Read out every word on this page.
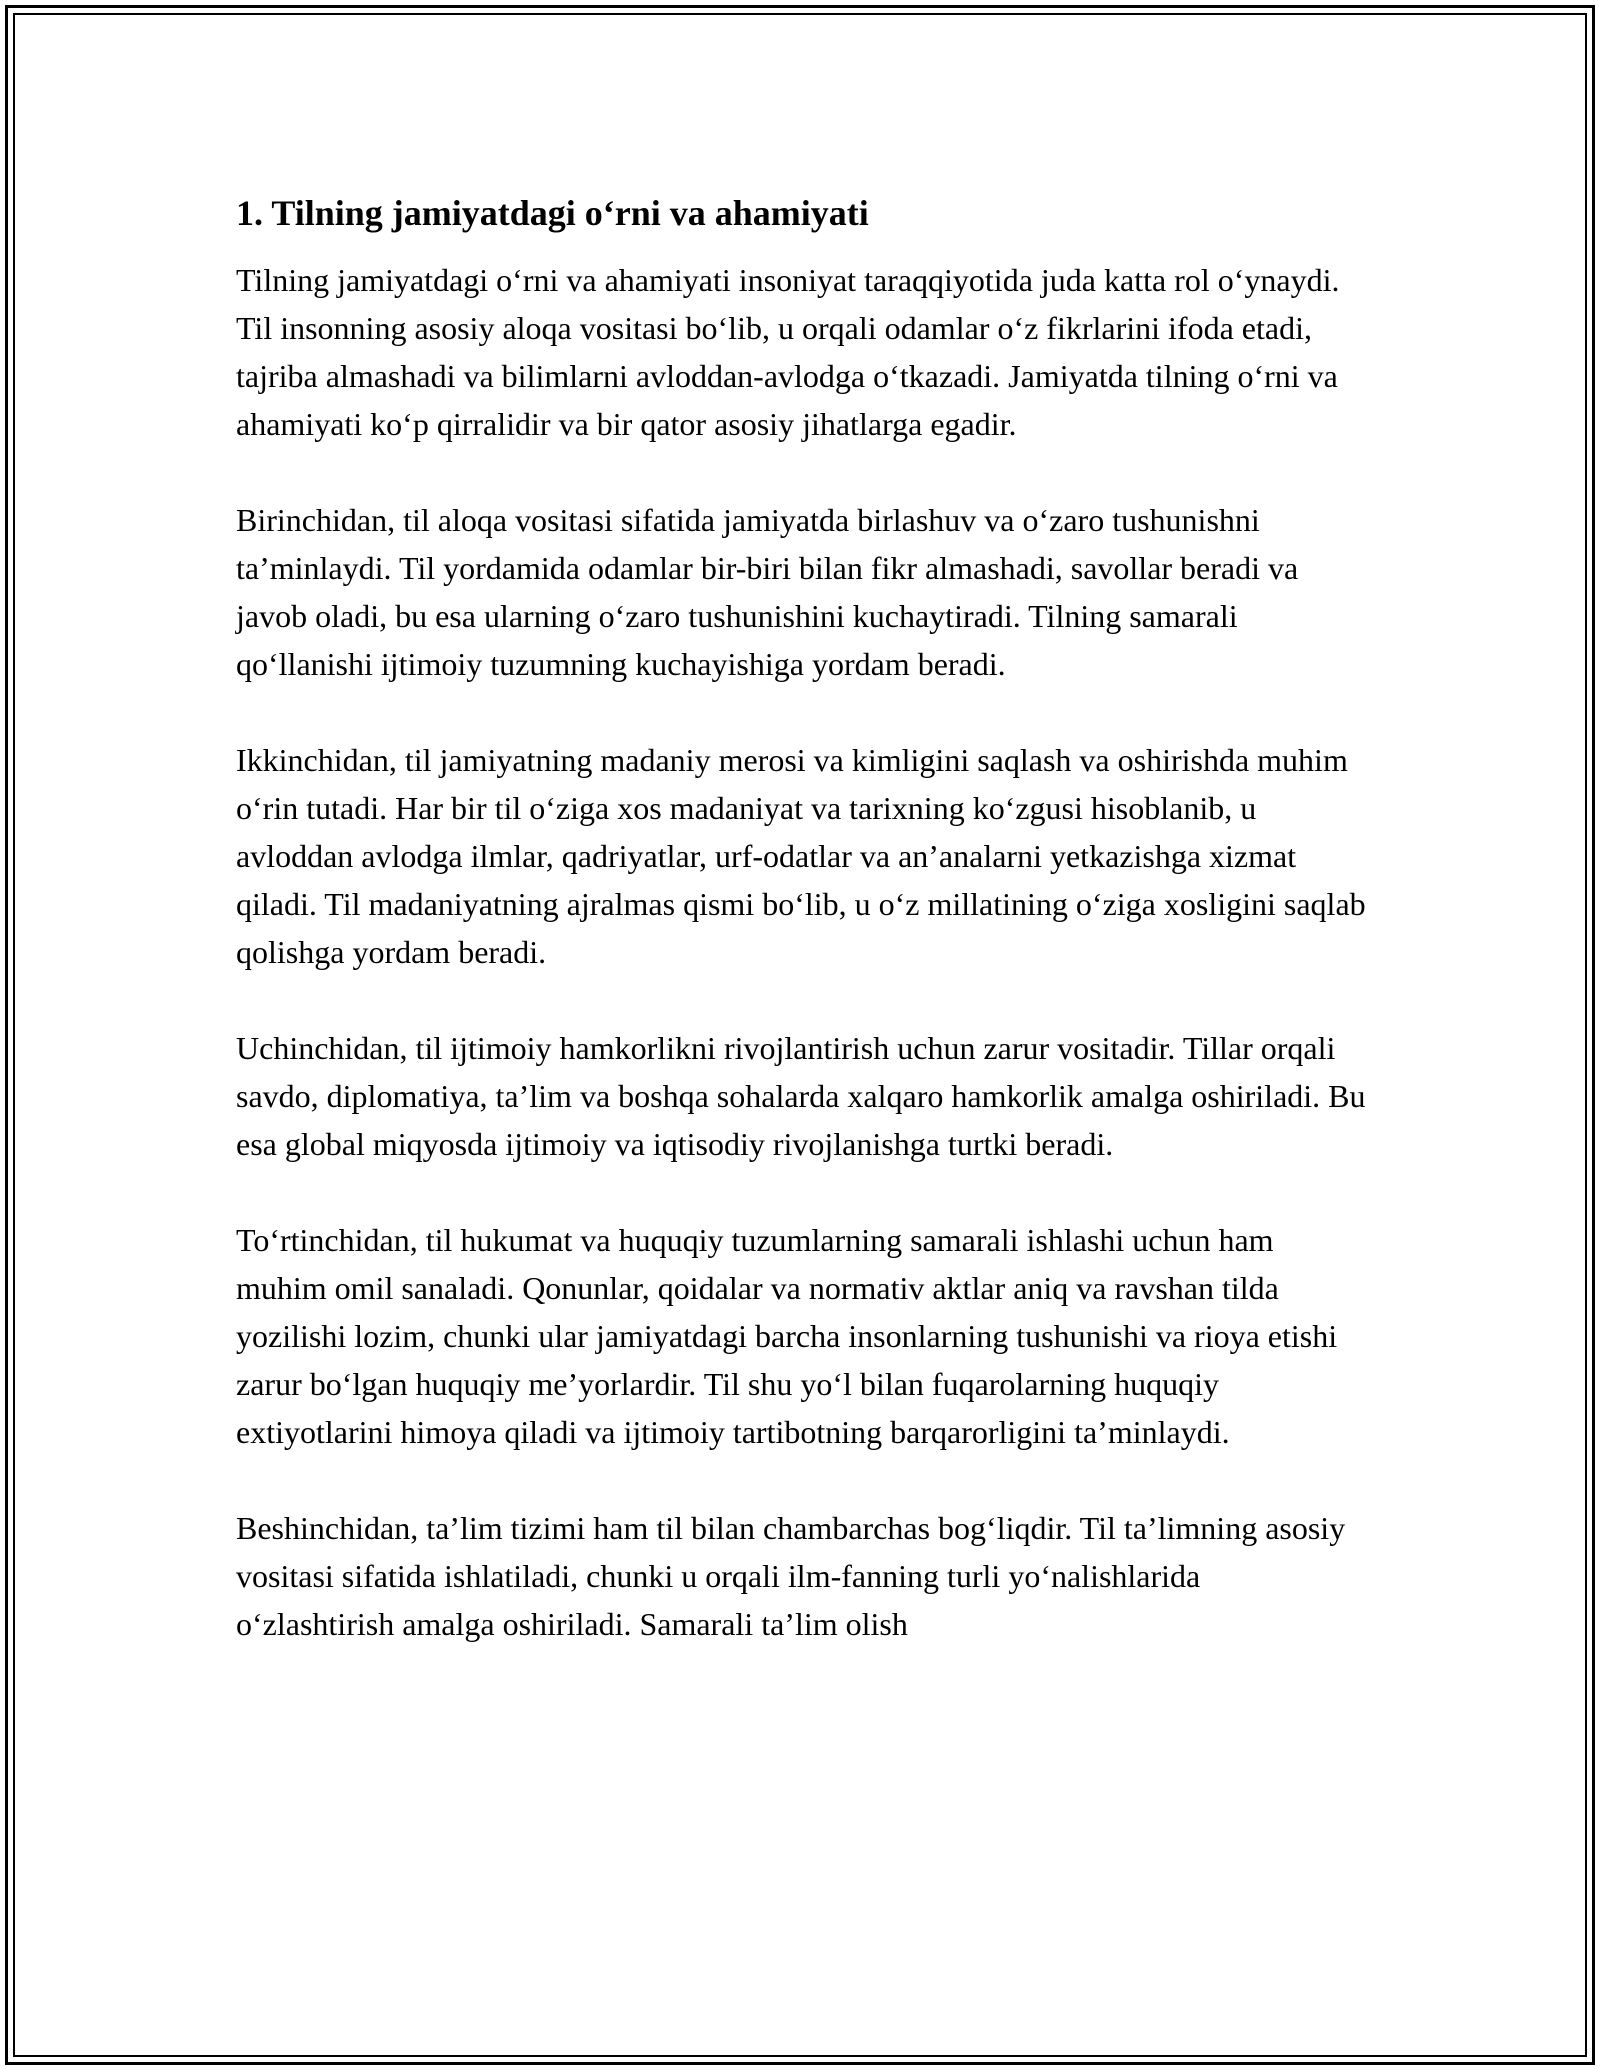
1. Tilning jamiyatdagi o‘rni va ahamiyati

Tilning jamiyatdagi o‘rni va ahamiyati insoniyat taraqqiyotida juda katta rol o‘ynaydi. Til insonning asosiy aloqa vositasi bo‘lib, u orqali odamlar o‘z fikrlarini ifoda etadi, tajriba almashadi va bilimlarni avloddan-avlodga o‘tkazadi. Jamiyatda tilning o‘rni va ahamiyati ko‘p qirralidir va bir qator asosiy jihatlarga egadir.

Birinchidan, til aloqa vositasi sifatida jamiyatda birlashuv va o‘zaro tushunishni ta’minlaydi. Til yordamida odamlar bir-biri bilan fikr almashadi, savollar beradi va javob oladi, bu esa ularning o‘zaro tushunishini kuchaytiradi. Tilning samarali qo‘llanishi ijtimoiy tuzumning kuchayishiga yordam beradi.

Ikkinchidan, til jamiyatning madaniy merosi va kimligini saqlash va oshirishda muhim o‘rin tutadi. Har bir til o‘ziga xos madaniyat va tarixning ko‘zgusi hisoblanib, u avloddan avlodga ilmlar, qadriyatlar, urf-odatlar va an’analarni yetkazishga xizmat qiladi. Til madaniyatning ajralmas qismi bo‘lib, u o‘z millatining o‘ziga xosligini saqlab qolishga yordam beradi.

Uchinchidan, til ijtimoiy hamkorlikni rivojlantirish uchun zarur vositadir. Tillar orqali savdo, diplomatiya, ta’lim va boshqa sohalarda xalqaro hamkorlik amalga oshiriladi. Bu esa global miqyosda ijtimoiy va iqtisodiy rivojlanishga turtki beradi.

To‘rtinchidan, til hukumat va huquqiy tuzumlarning samarali ishlashi uchun ham muhim omil sanaladi. Qonunlar, qoidalar va normativ aktlar aniq va ravshan tilda yozilishi lozim, chunki ular jamiyatdagi barcha insonlarning tushunishi va rioya etishi zarur bo‘lgan huquqiy me’yorlardir. Til shu yo‘l bilan fuqarolarning huquqiy extiyotlarini himoya qiladi va ijtimoiy tartibotning barqarorligini ta’minlaydi.

Beshinchidan, ta’lim tizimi ham til bilan chambarchas bog‘liqdir. Til ta’limning asosiy vositasi sifatida ishlatiladi, chunki u orqali ilm-fanning turli yo‘nalishlarida o‘zlashtirish amalga oshiriladi. Samarali ta’lim olish
